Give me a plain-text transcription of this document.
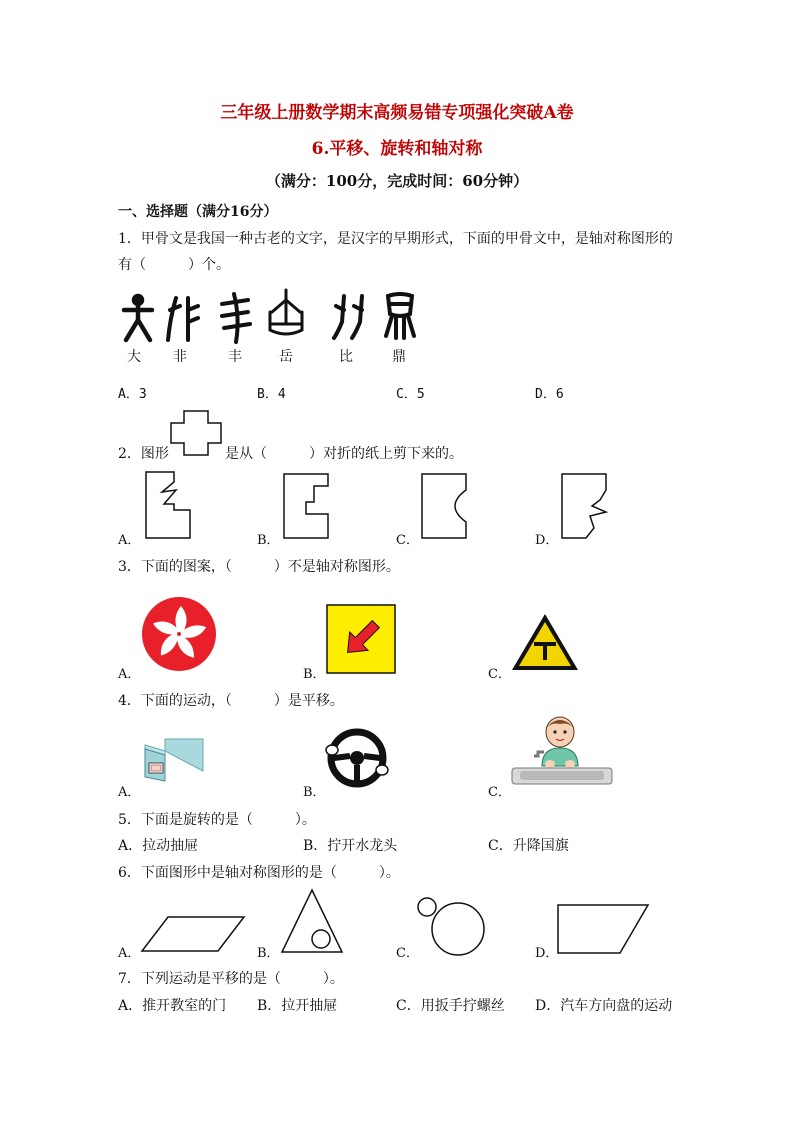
三年级上册数学期末高频易错专项强化突破A卷
6.平移、旋转和轴对称
（满分：100分，完成时间：60分钟）
一、选择题（满分16分）
1．甲骨文是我国一种古老的文字，是汉字的早期形式，下面的甲骨文中，是轴对称图形的
有（　　　）个。
大 非	丰	岳	比	鼎
A．3	B．4	C．5	D．6
2．图形	是从（　　　）对折的纸上剪下来的。
A．	B．	C．	D．
3．下面的图案，（　　　）不是轴对称图形。
A．	B．	C．
4．下面的运动，（　　　）是平移。
A．	B．	C．
5．下面是旋转的是（　　　）。
A．拉动抽屉	B．拧开水龙头	C．升降国旗
6．下面图形中是轴对称图形的是（　　　）。
A．	B．	C．	D．
7．下列运动是平移的是（　　　）。
A．推开教室的门 B．拉开抽屉	C．用扳手拧螺丝 D．汽车方向盘的运动
